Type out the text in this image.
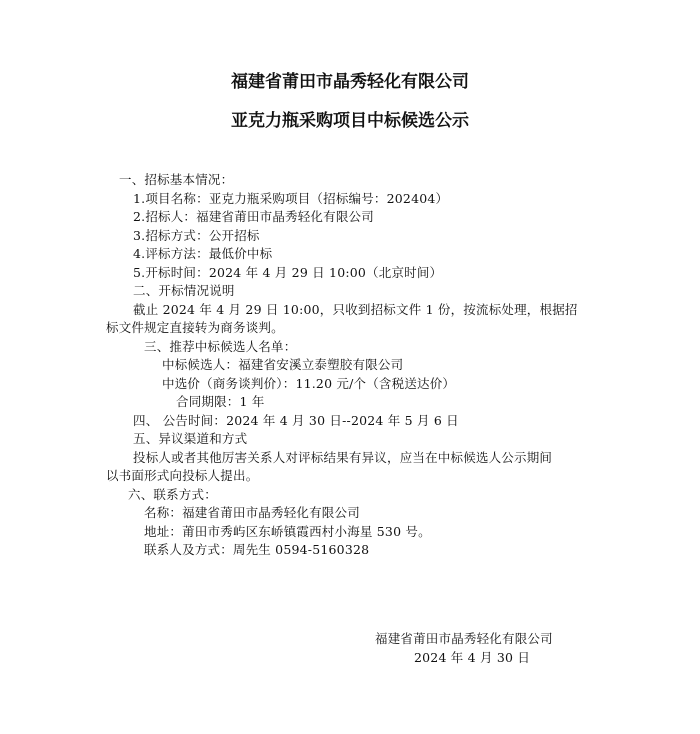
福建省莆田市晶秀轻化有限公司
亚克力瓶采购项目中标候选公示
一、招标基本情况：
1.项目名称：亚克力瓶采购项目（招标编号：202404）
2.招标人：福建省莆田市晶秀轻化有限公司
3.招标方式：公开招标
4.评标方法：最低价中标
5.开标时间：2024 年 4 月 29 日 10:00（北京时间）
二、开标情况说明
截止 2024 年 4 月 29 日 10:00，只收到招标文件 1 份，按流标处理，根据招
标文件规定直接转为商务谈判。
三、推荐中标候选人名单：
中标候选人：福建省安溪立泰塑胶有限公司
中选价（商务谈判价）：11.20 元/个（含税送达价）
合同期限：1 年
四、 公告时间：2024 年 4 月 30 日--2024 年 5 月 6 日
五、异议渠道和方式
投标人或者其他厉害关系人对评标结果有异议，应当在中标候选人公示期间
以书面形式向投标人提出。
六、联系方式：
名称：福建省莆田市晶秀轻化有限公司
地址：莆田市秀屿区东峤镇霞西村小海星 530 号。
联系人及方式：周先生 0594-5160328
福建省莆田市晶秀轻化有限公司
2024 年 4 月 30 日
